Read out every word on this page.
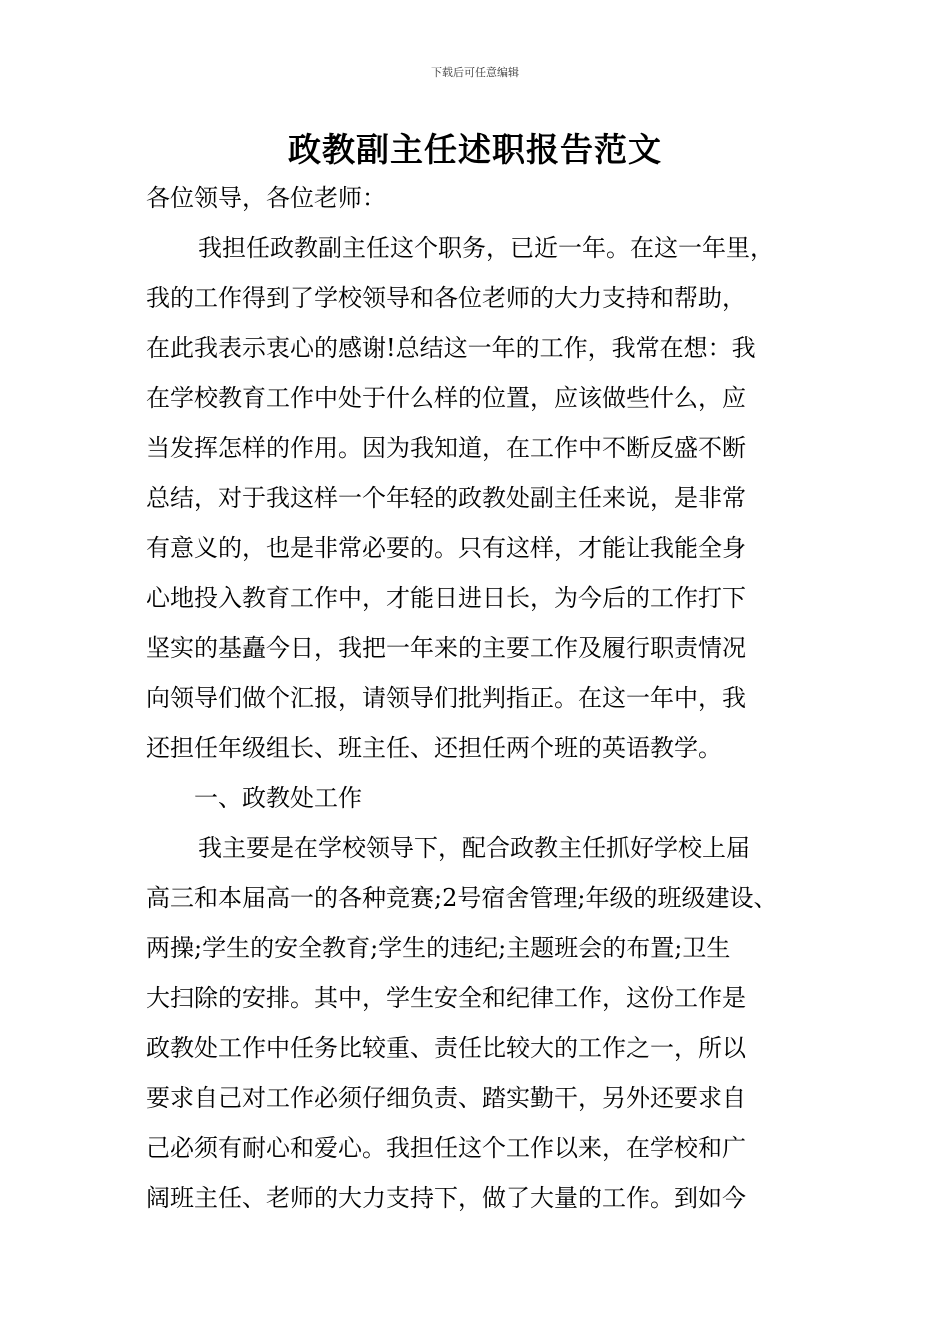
下载后可任意编辑
政教副主任述职报告范文
各位领导，各位老师：
我担任政教副主任这个职务，已近一年。在这一年里，
我的工作得到了学校领导和各位老师的大力支持和帮助，
在此我表示衷心的感谢!总结这一年的工作，我常在想：我
在学校教育工作中处于什么样的位置，应该做些什么，应
当发挥怎样的作用。因为我知道，在工作中不断反盛不断
总结，对于我这样一个年轻的政教处副主任来说，是非常
有意义的，也是非常必要的。只有这样，才能让我能全身
心地投入教育工作中，才能日进日长，为今后的工作打下
坚实的基矗今日，我把一年来的主要工作及履行职责情况
向领导们做个汇报，请领导们批判指正。在这一年中，我
还担任年级组长、班主任、还担任两个班的英语教学。
一、政教处工作
我主要是在学校领导下，配合政教主任抓好学校上届
高三和本届高一的各种竞赛;2号宿舍管理;年级的班级建设、
两操;学生的安全教育;学生的违纪;主题班会的布置;卫生
大扫除的安排。其中，学生安全和纪律工作，这份工作是
政教处工作中任务比较重、责任比较大的工作之一，所以
要求自己对工作必须仔细负责、踏实勤干，另外还要求自
己必须有耐心和爱心。我担任这个工作以来，在学校和广
阔班主任、老师的大力支持下，做了大量的工作。到如今
